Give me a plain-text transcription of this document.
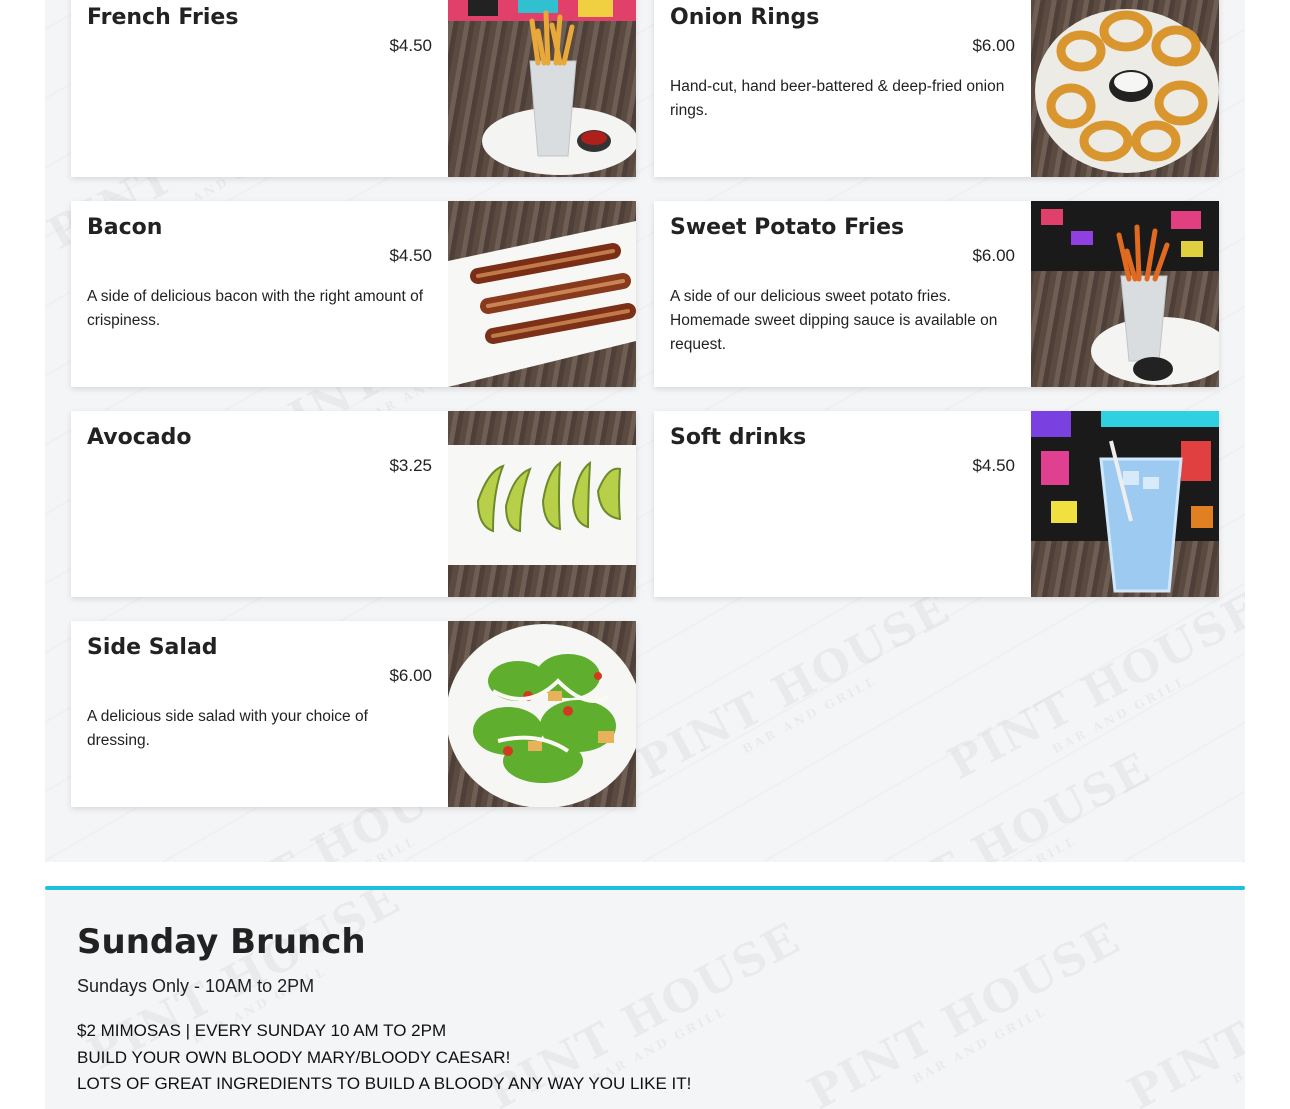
French Fries
$4.50
Onion Rings
$6.00
Hand-cut, hand beer-battered & deep-fried onion rings.
Bacon
$4.50
A side of delicious bacon with the right amount of crispiness.
Sweet Potato Fries
$6.00
A side of our delicious sweet potato fries. Homemade sweet dipping sauce is available on request.
Avocado
$3.25
Soft drinks
$4.50
Side Salad
$6.00
A delicious side salad with your choice of dressing.
Sunday Brunch
Sundays Only - 10AM to 2PM
$2 MIMOSAS | EVERY SUNDAY 10 AM TO 2PM
BUILD YOUR OWN BLOODY MARY/BLOODY CAESAR!
LOTS OF GREAT INGREDIENTS TO BUILD A BLOODY ANY WAY YOU LIKE IT!
